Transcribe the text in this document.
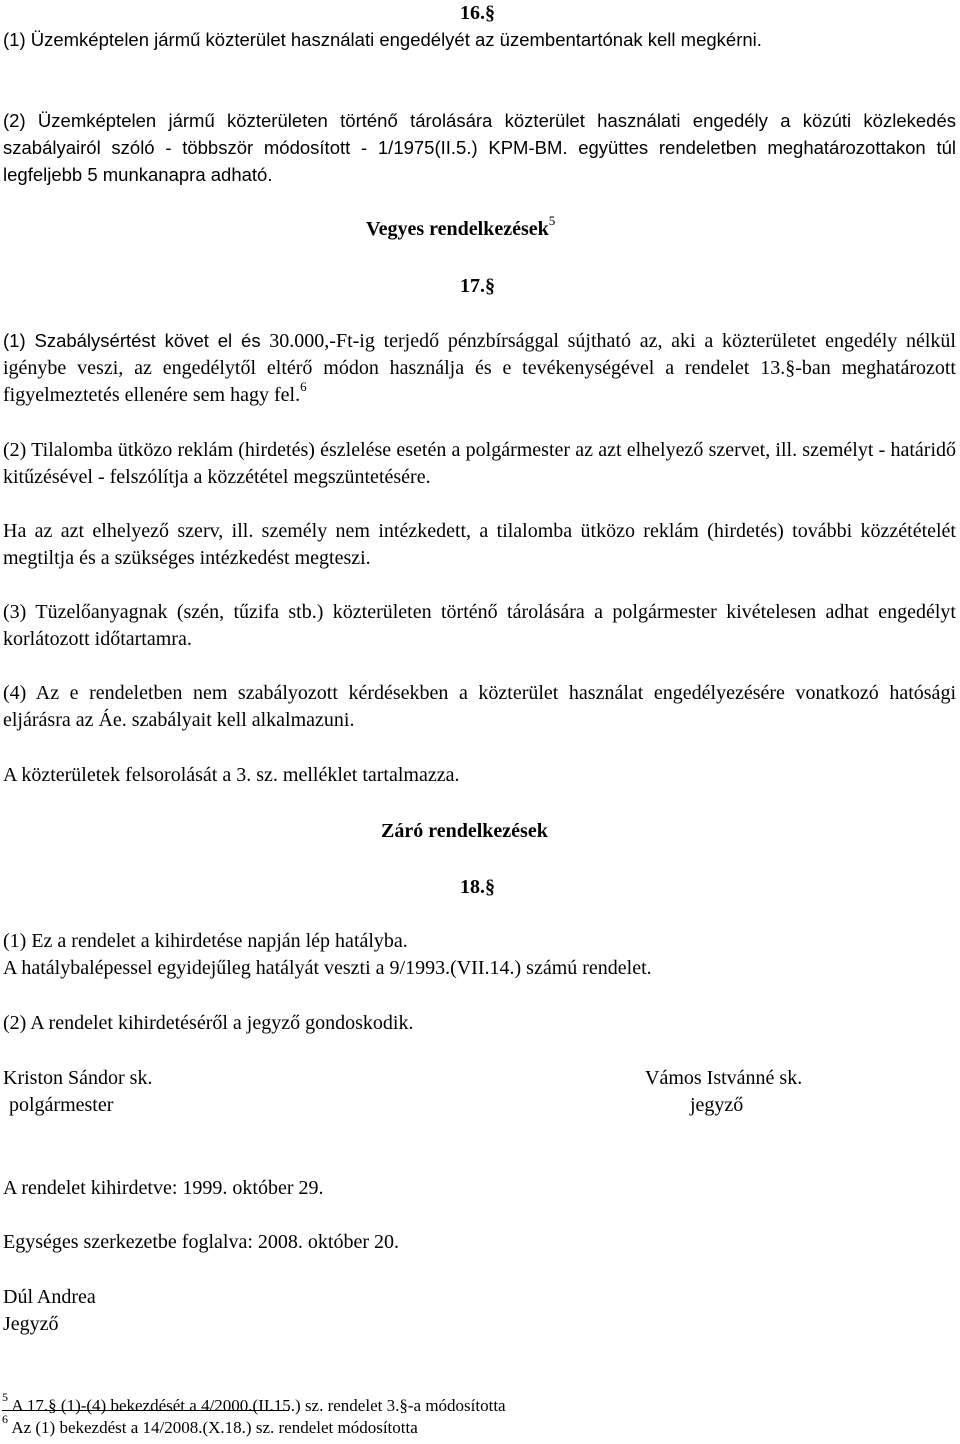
16.§

(1) Üzemképtelen jármű közterület használati engedélyét az üzembentartónak kell megkérni.

(2) Üzemképtelen jármű közterületen történő tárolására közterület használati engedély a közúti közlekedés szabályairól szóló - többször módosított - 1/1975(II.5.) KPM-BM. együttes rendeletben meghatározottakon túl legfeljebb 5 munkanapra adható.

Vegyes rendelkezések$^5$

17.§

(1) Szabálysértést követ el és 30.000,-Ft-ig terjedő pénzbírsággal sújtható az, aki a közterületet engedély nélkül igénybe veszi, az engedélytől eltérő módon használja és e tevékenységével a rendelet 13.§-ban meghatározott figyelmeztetés ellenére sem hagy fel.$^6$

(2) Tilalomba ütközo reklám (hirdetés) észlelése esetén a polgármester az azt elhelyező szervet, ill. személyt - határidő kitűzésével - felszólítja a közzététel megszüntetésére.

Ha az azt elhelyező szerv, ill. személy nem intézkedett, a tilalomba ütközo reklám (hirdetés) további közzétételét megtiltja és a szükséges intézkedést megteszi.

(3) Tüzelőanyagnak (szén, tűzifa stb.) közterületen történő tárolására a polgármester kivételesen adhat engedélyt korlátozott időtartamra.

(4) Az e rendeletben nem szabályozott kérdésekben a közterület használat engedélyezésére vonatkozó hatósági eljárásra az Áe. szabályait kell alkalmazuni.

A közterületek felsorolását a 3. sz. melléklet tartalmazza.

Záró rendelkezések

18.§

(1) Ez a rendelet a kihirdetése napján lép hatályba.

A hatálybalépessel egyidejűleg hatályát veszti a 9/1993.(VII.14.) számú rendelet.

(2) A rendelet kihirdetéséről a jegyző gondoskodik.

Kriston Sándor sk.

polgármester

Vámos Istvánné sk.

jegyző

A rendelet kihirdetve: 1999. október 29.

Egységes szerkezetbe foglalva: 2008. október 20.

Dúl Andrea

Jegyző

$^5$ A 17.§ (1)-(4) bekezdését a 4/2000.(II.15.) sz. rendelet 3.§-a módosította

$^6$ Az (1) bekezdést a 14/2008.(X.18.) sz. rendelet módosította
